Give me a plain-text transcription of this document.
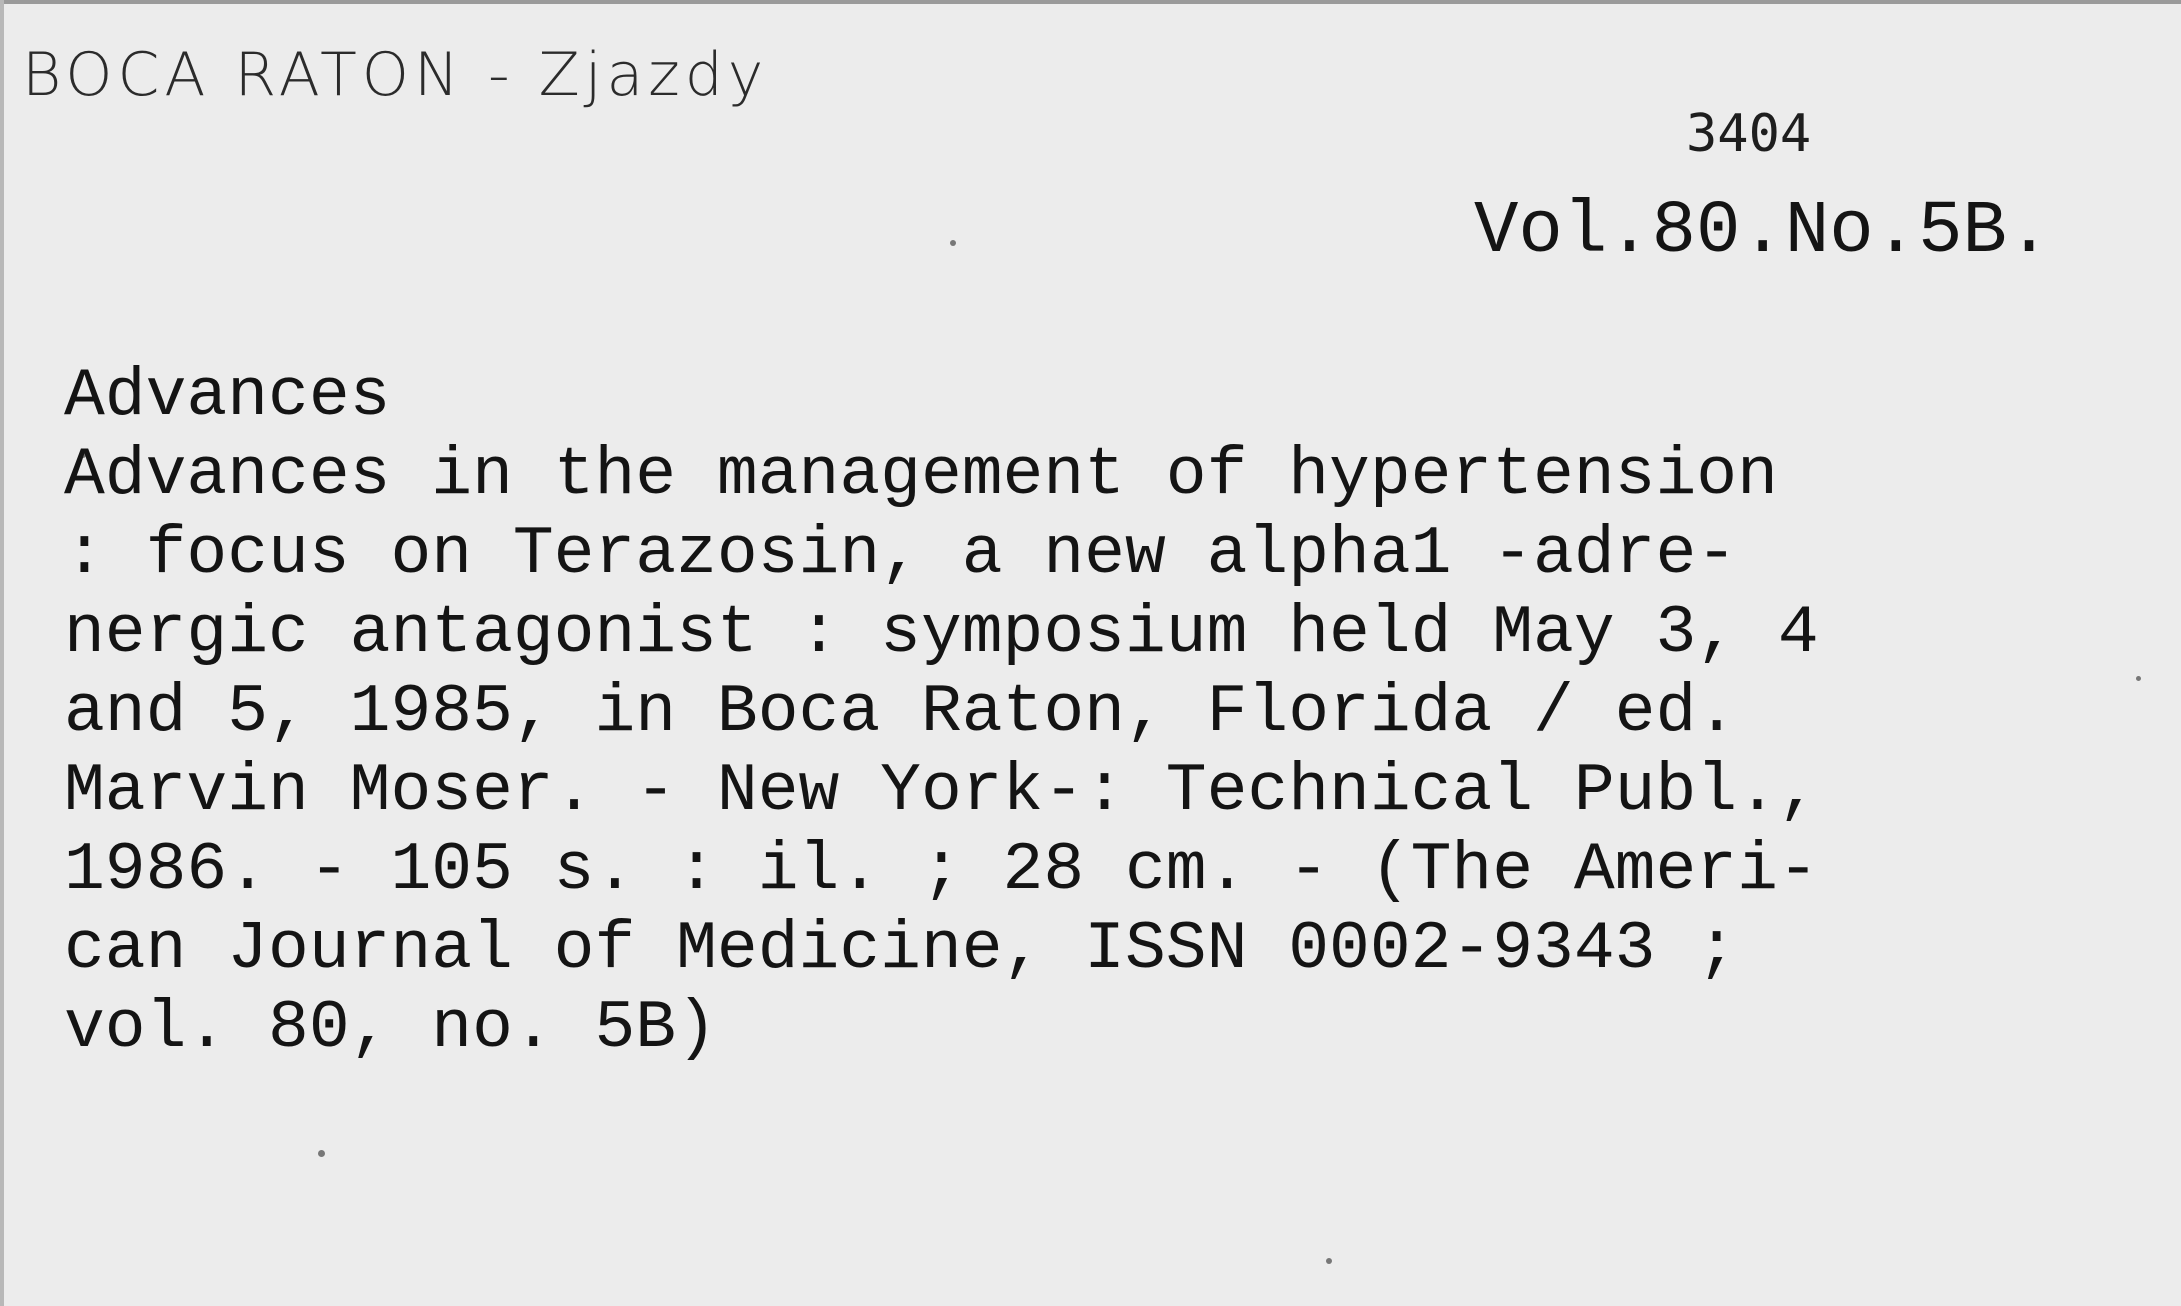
BOCA RATON - Zjazdy
3404
Vol.80.No.5B.
Advances
Advances in the management of hypertension
: focus on Terazosin, a new alpha1 -adre-
nergic antagonist : symposium held May 3, 4
and 5, 1985, in Boca Raton, Florida / ed.
Marvin Moser. - New York-: Technical Publ.,
1986. - 105 s. : il. ; 28 cm. - (The Ameri-
can Journal of Medicine, ISSN 0002-9343 ;
vol. 80, no. 5B)
